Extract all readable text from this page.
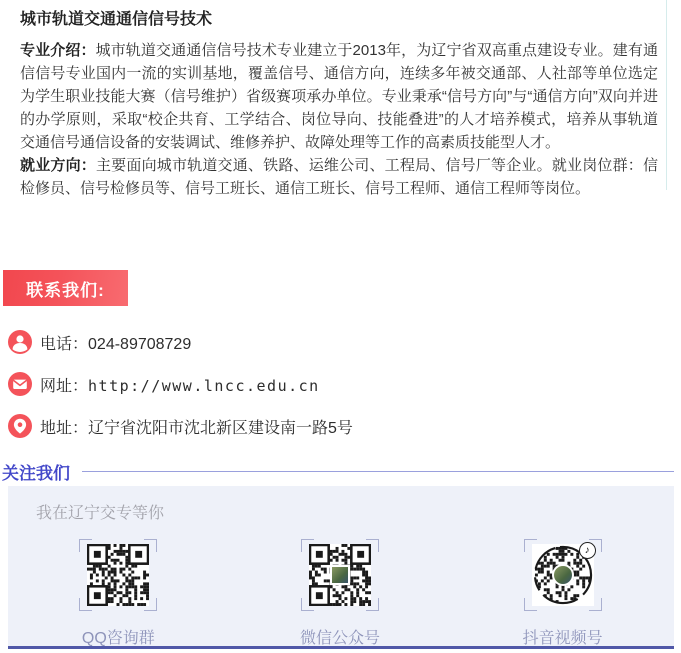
城市轨道交通通信信号技术

专业介绍：城市轨道交通通信信号技术专业建立于2013年，为辽宁省双高重点建设专业。建有通信信号专业国内一流的实训基地，覆盖信号、通信方向，连续多年被交通部、人社部等单位选定为学生职业技能大赛（信号维护）省级赛项承办单位。专业秉承“信号方向”与“通信方向”双向并进的办学原则，采取“校企共育、工学结合、岗位导向、技能叠进”的人才培养模式，培养从事轨道交通信号通信设备的安装调试、维修养护、故障处理等工作的高素质技能型人才。

就业方向：主要面向城市轨道交通、铁路、运维公司、工程局、信号厂等企业。就业岗位群：信检修员、信号检修员等、信号工班长、通信工班长、信号工程师、通信工程师等岗位。

联系我们:
电话：024-89708729
网址：http://www.lncc.edu.cn
地址：辽宁省沈阳市沈北新区建设南一路5号
关注我们

我在辽宁交专等你

QQ咨询群	微信公众号
♪
抖音视频号
